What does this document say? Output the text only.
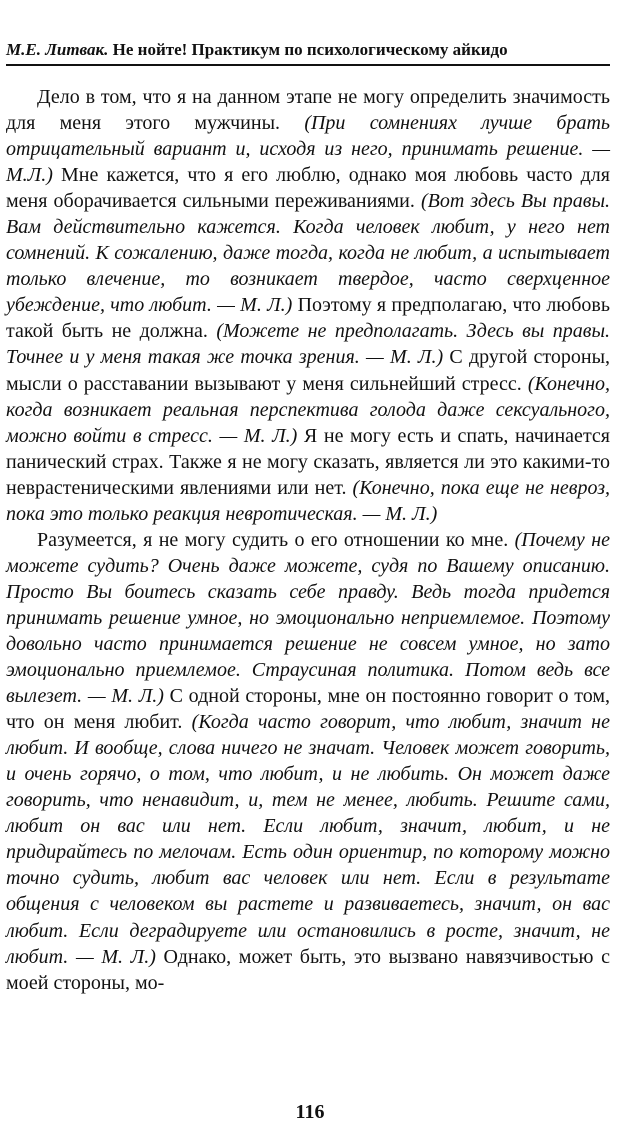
М.Е. Литвак. Не нойте! Практикум по психологическому айкидо

Дело в том, что я на данном этапе не могу определить значимость для меня этого мужчины. (При сомнениях лучше брать отрицательный вариант и, исходя из него, принимать решение. — М.Л.) Мне кажется, что я его люблю, однако моя любовь часто для меня оборачивается сильными переживаниями. (Вот здесь Вы правы. Вам действительно кажется. Когда человек любит, у него нет сомнений. К сожалению, даже тогда, когда не любит, а испытывает только влечение, то возникает твердое, часто сверхценное убеждение, что любит. — М. Л.) Поэтому я предполагаю, что любовь такой быть не должна. (Можете не предполагать. Здесь вы правы. Точнее и у меня такая же точка зрения. — М. Л.) С другой стороны, мысли о расставании вызывают у меня сильнейший стресс. (Конечно, когда возникает реальная перспектива голода даже сексуального, можно войти в стресс. — М. Л.) Я не могу есть и спать, начинается панический страх. Также я не могу сказать, является ли это какими-то неврастеническими явлениями или нет. (Конечно, пока еще не невроз, пока это только реакция невротическая. — М. Л.)

Разумеется, я не могу судить о его отношении ко мне. (Почему не можете судить? Очень даже можете, судя по Вашему описанию. Просто Вы боитесь сказать себе правду. Ведь тогда придется принимать решение умное, но эмоционально неприемлемое. Поэтому довольно часто принимается решение не совсем умное, но зато эмоционально приемлемое. Страусиная политика. Потом ведь все вылезет. — М. Л.) С одной стороны, мне он постоянно говорит о том, что он меня любит. (Когда часто говорит, что любит, значит не любит. И вообще, слова ничего не значат. Человек может говорить, и очень горячо, о том, что любит, и не любить. Он может даже говорить, что ненавидит, и, тем не менее, любить. Решите сами, любит он вас или нет. Если любит, значит, любит, и не придирайтесь по мелочам. Есть один ориентир, по которому можно точно судить, любит вас человек или нет. Если в результате общения с человеком вы растете и развиваетесь, значит, он вас любит. Если деградируете или остановились в росте, значит, не любит. — М. Л.) Однако, может быть, это вызвано навязчивостью с моей стороны, мо-

116
